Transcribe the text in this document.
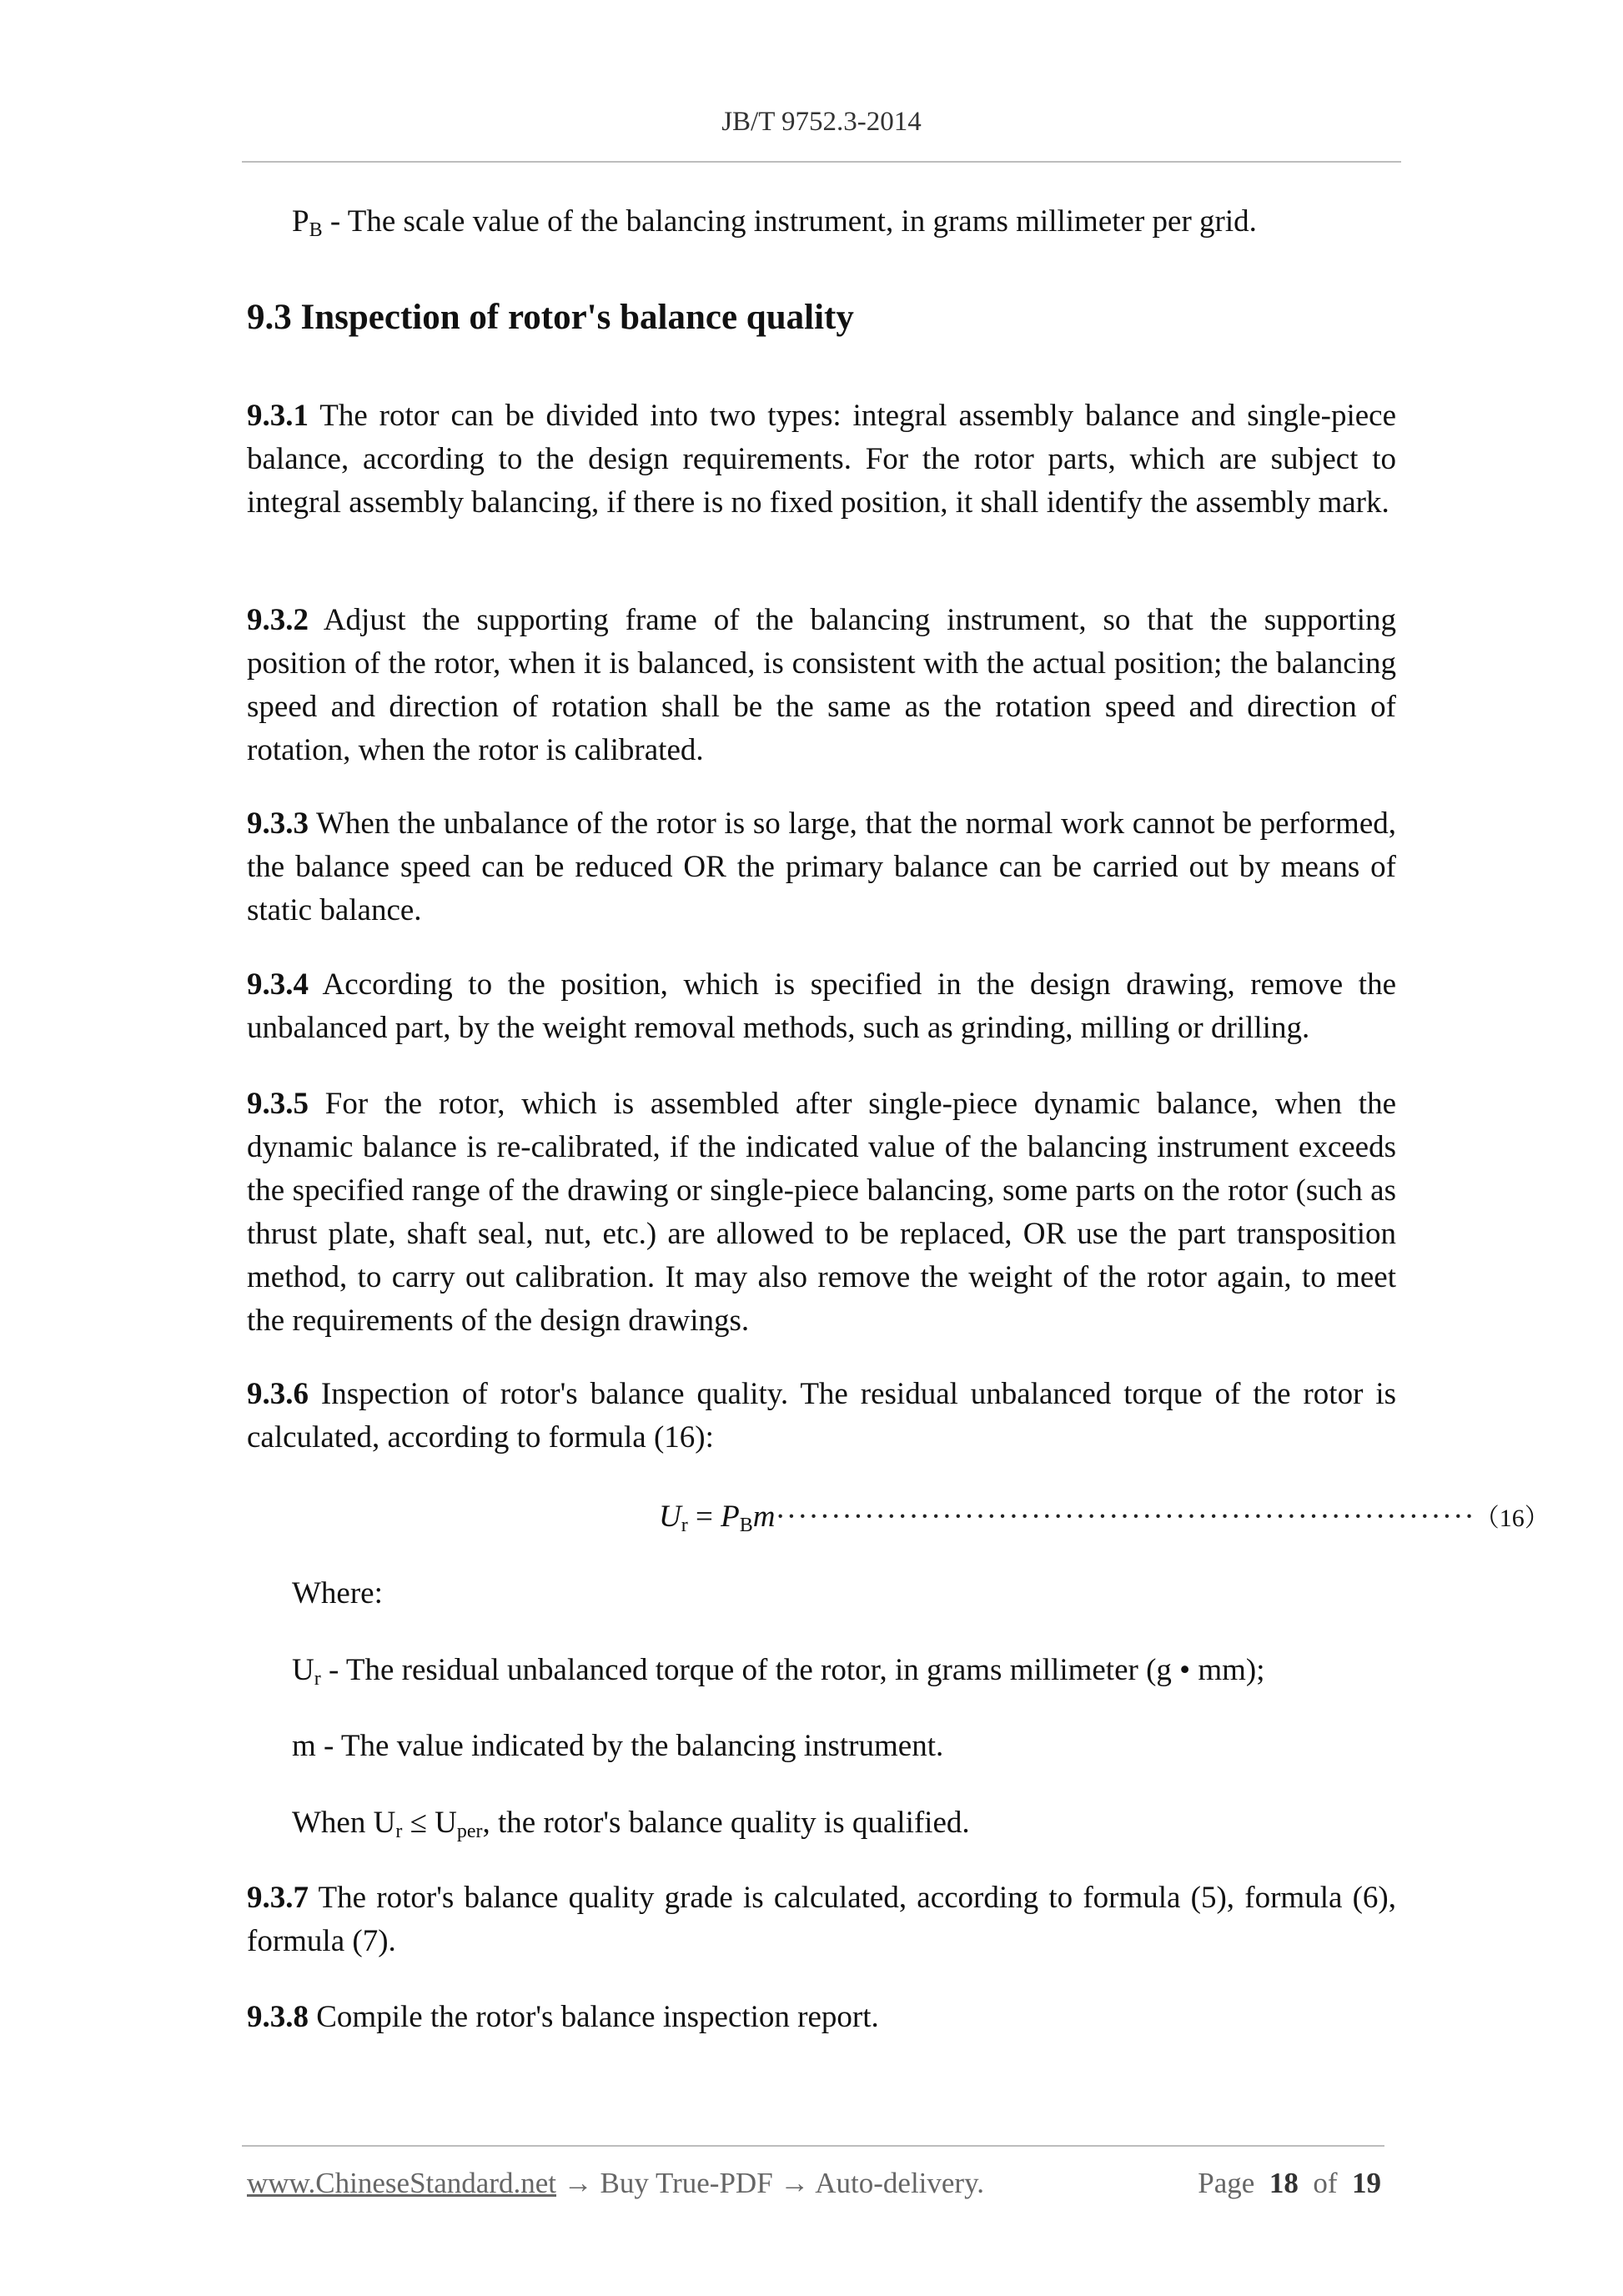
JB/T 9752.3-2014

$P_B$ - The scale value of the balancing instrument, in grams millimeter per grid.

9.3 Inspection of rotor's balance quality

9.3.1 The rotor can be divided into two types: integral assembly balance and single-piece balance, according to the design requirements. For the rotor parts, which are subject to integral assembly balancing, if there is no fixed position, it shall identify the assembly mark.

9.3.2 Adjust the supporting frame of the balancing instrument, so that the supporting position of the rotor, when it is balanced, is consistent with the actual position; the balancing speed and direction of rotation shall be the same as the rotation speed and direction of rotation, when the rotor is calibrated.

9.3.3 When the unbalance of the rotor is so large, that the normal work cannot be performed, the balance speed can be reduced OR the primary balance can be carried out by means of static balance.

9.3.4 According to the position, which is specified in the design drawing, remove the unbalanced part, by the weight removal methods, such as grinding, milling or drilling.

9.3.5 For the rotor, which is assembled after single-piece dynamic balance, when the dynamic balance is re-calibrated, if the indicated value of the balancing instrument exceeds the specified range of the drawing or single-piece balancing, some parts on the rotor (such as thrust plate, shaft seal, nut, etc.) are allowed to be replaced, OR use the part transposition method, to carry out calibration. It may also remove the weight of the rotor again, to meet the requirements of the design drawings.

9.3.6 Inspection of rotor's balance quality. The residual unbalanced torque of the rotor is calculated, according to formula (16):

Where:

$U_r$ - The residual unbalanced torque of the rotor, in grams millimeter (g • mm);

m - The value indicated by the balancing instrument.

When $U_r \le U_{per}$, the rotor's balance quality is qualified.

9.3.7 The rotor's balance quality grade is calculated, according to formula (5), formula (6), formula (7).

9.3.8 Compile the rotor's balance inspection report.

$U_r = P_Bm\cdot\cdot\cdot\cdot\cdot\cdot\cdot\cdot\cdot\cdot\cdot\cdot\cdot\cdot\cdot\cdot\cdot\cdot\cdot\cdot\cdot\cdot\cdot\cdot\cdot\cdot\cdot\cdot\cdot\cdot\cdot\cdot\cdot\cdot\cdot\cdot\cdot\cdot\cdot\cdot\cdot\cdot\cdot\cdot\cdot\cdot\cdot\cdot\cdot\cdot\cdot\cdot\cdot\cdot\cdot\cdot\cdot\cdot\cdot\cdot\cdot\cdot\cdot (16)$
www.ChineseStandard.net → Buy True-PDF → Auto-delivery.	Page 18 of 19
